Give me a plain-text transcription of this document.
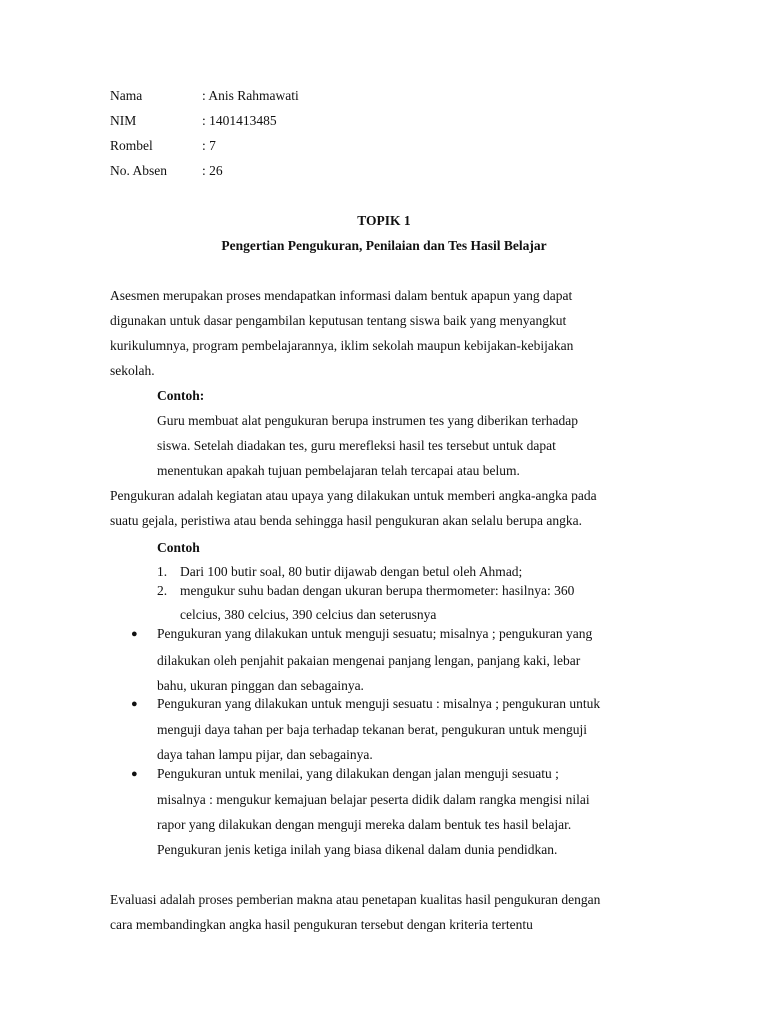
Nama	: Anis Rahmawati
NIM	: 1401413485
Rombel	: 7
No. Absen	: 26
TOPIK 1
Pengertian Pengukuran, Penilaian dan Tes Hasil Belajar
Asesmen merupakan proses mendapatkan informasi dalam bentuk apapun yang dapat
digunakan untuk dasar pengambilan keputusan tentang siswa baik yang menyangkut
kurikulumnya, program pembelajarannya, iklim sekolah maupun kebijakan-kebijakan
sekolah.
Contoh:
Guru membuat alat pengukuran berupa instrumen tes yang diberikan terhadap
siswa. Setelah diadakan tes, guru merefleksi hasil tes tersebut untuk dapat
menentukan apakah tujuan pembelajaran telah tercapai atau belum.
Pengukuran adalah kegiatan atau upaya yang dilakukan untuk memberi angka-angka pada
suatu gejala, peristiwa atau benda sehingga hasil pengukuran akan selalu berupa angka.
Contoh
1. Dari 100 butir soal, 80 butir dijawab dengan betul oleh Ahmad;
2. mengukur suhu badan dengan ukuran berupa thermometer: hasilnya: 360
celcius, 380 celcius, 390 celcius dan seterusnya
● Pengukuran yang dilakukan untuk menguji sesuatu; misalnya ; pengukuran yang
dilakukan oleh penjahit pakaian mengenai panjang lengan, panjang kaki, lebar
bahu, ukuran pinggan dan sebagainya.
● Pengukuran yang dilakukan untuk menguji sesuatu : misalnya ; pengukuran untuk
menguji daya tahan per baja terhadap tekanan berat, pengukuran untuk menguji
daya tahan lampu pijar, dan sebagainya.
● Pengukuran untuk menilai, yang dilakukan dengan jalan menguji sesuatu ;
misalnya : mengukur kemajuan belajar peserta didik dalam rangka mengisi nilai
rapor yang dilakukan dengan menguji mereka dalam bentuk tes hasil belajar.
Pengukuran jenis ketiga inilah yang biasa dikenal dalam dunia pendidkan.
Evaluasi adalah proses pemberian makna atau penetapan kualitas hasil pengukuran dengan
cara membandingkan angka hasil pengukuran tersebut dengan kriteria tertentu
